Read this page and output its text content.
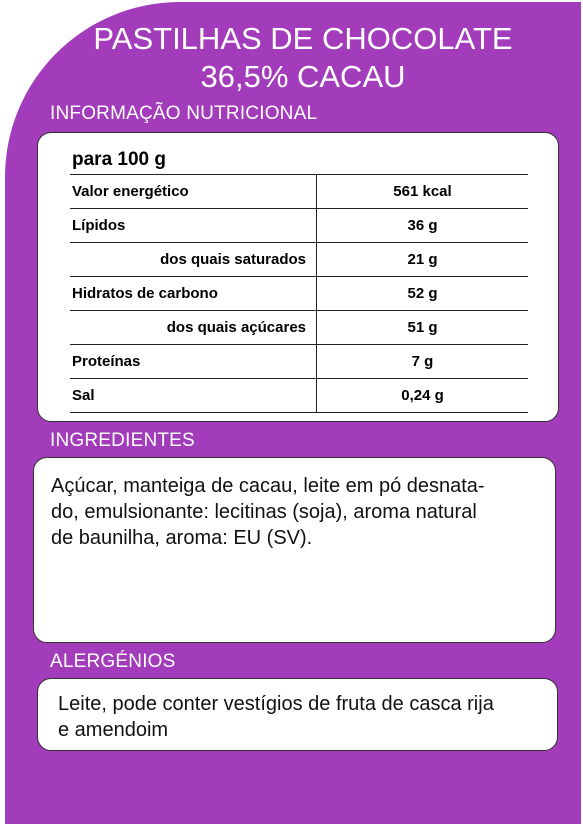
PASTILHAS DE CHOCOLATE
36,5% CACAU
INFORMAÇÃO NUTRICIONAL
para 100 g
Valor energético	561 kcal
Lípidos	36 g
dos quais saturados	21 g
Hidratos de carbono	52 g
dos quais açúcares	51 g
Proteínas	7 g
Sal	0,24 g
INGREDIENTES
Açúcar, manteiga de cacau, leite em pó desnata-
do, emulsionante: lecitinas (soja), aroma natural
de baunilha, aroma: EU (SV).
ALERGÉNIOS
Leite, pode conter vestígios de fruta de casca rija
e amendoim
